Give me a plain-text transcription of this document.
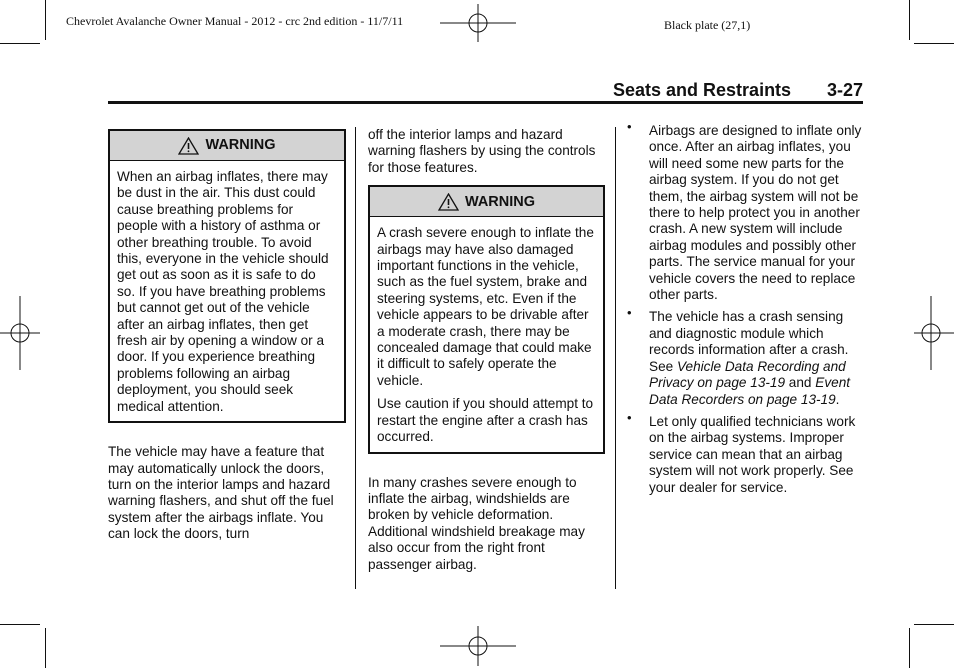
Chevrolet Avalanche Owner Manual - 2012 - crc 2nd edition - 11/7/11	Black plate (27,1)
Seats and Restraints 3-27
WARNING

When an airbag inflates, there may be dust in the air. This dust could cause breathing problems for people with a history of asthma or other breathing trouble. To avoid this, everyone in the vehicle should get out as soon as it is safe to do so. If you have breathing problems but cannot get out of the vehicle after an airbag inflates, then get fresh air by opening a window or a door. If you experience breathing problems following an airbag deployment, you should seek medical attention.

The vehicle may have a feature that may automatically unlock the doors, turn on the interior lamps and hazard warning flashers, and shut off the fuel system after the airbags inflate. You can lock the doors, turn

off the interior lamps and hazard warning flashers by using the controls for those features.

WARNING

A crash severe enough to inflate the airbags may have also damaged important functions in the vehicle, such as the fuel system, brake and steering systems, etc. Even if the vehicle appears to be drivable after a moderate crash, there may be concealed damage that could make it difficult to safely operate the vehicle.

Use caution if you should attempt to restart the engine after a crash has occurred.

In many crashes severe enough to inflate the airbag, windshields are broken by vehicle deformation. Additional windshield breakage may also occur from the right front passenger airbag.

• Airbags are designed to inflate only once. After an airbag inflates, you will need some new parts for the airbag system. If you do not get them, the airbag system will not be there to help protect you in another crash. A new system will include airbag modules and possibly other parts. The service manual for your vehicle covers the need to replace other parts.
• The vehicle has a crash sensing and diagnostic module which records information after a crash. See Vehicle Data Recording and Privacy on page 13-19 and Event Data Recorders on page 13-19.
• Let only qualified technicians work on the airbag systems. Improper service can mean that an airbag system will not work properly. See your dealer for service.
